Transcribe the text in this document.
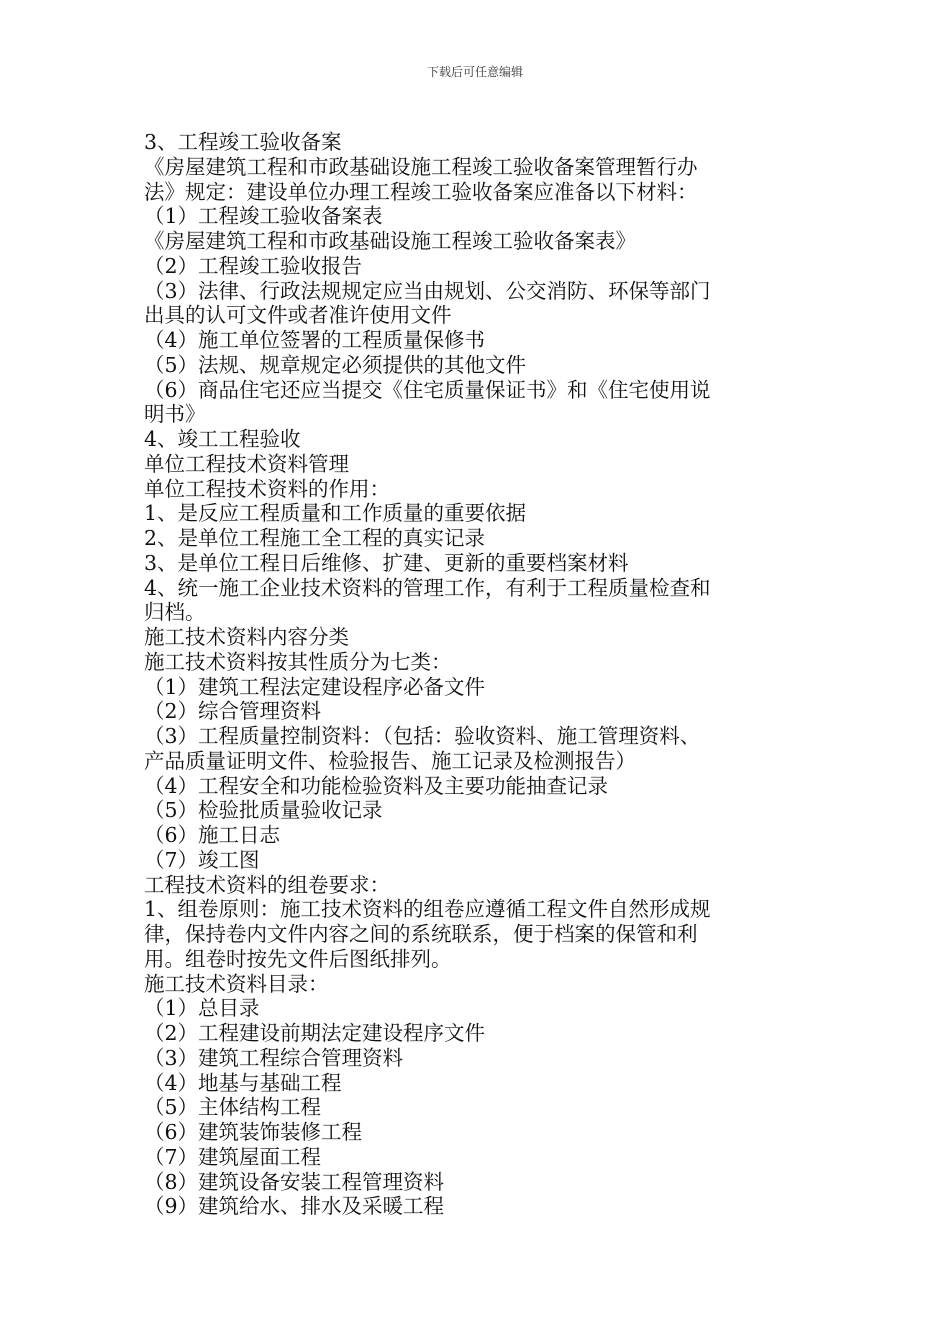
下载后可任意编辑

3、工程竣工验收备案

《房屋建筑工程和市政基础设施工程竣工验收备案管理暂行办

法》规定：建设单位办理工程竣工验收备案应准备以下材料：

（1）工程竣工验收备案表

《房屋建筑工程和市政基础设施工程竣工验收备案表》

（2）工程竣工验收报告

（3）法律、行政法规规定应当由规划、公交消防、环保等部门

出具的认可文件或者准许使用文件

（4）施工单位签署的工程质量保修书

（5）法规、规章规定必须提供的其他文件

（6）商品住宅还应当提交《住宅质量保证书》和《住宅使用说

明书》

4、竣工工程验收

单位工程技术资料管理

单位工程技术资料的作用：

1、是反应工程质量和工作质量的重要依据

2、是单位工程施工全工程的真实记录

3、是单位工程日后维修、扩建、更新的重要档案材料

4、统一施工企业技术资料的管理工作，有利于工程质量检查和

归档。

施工技术资料内容分类

施工技术资料按其性质分为七类：

（1）建筑工程法定建设程序必备文件

（2）综合管理资料

（3）工程质量控制资料：（包括：验收资料、施工管理资料、

产品质量证明文件、检验报告、施工记录及检测报告）

（4）工程安全和功能检验资料及主要功能抽查记录

（5）检验批质量验收记录

（6）施工日志

（7）竣工图

工程技术资料的组卷要求：

1、组卷原则：施工技术资料的组卷应遵循工程文件自然形成规

律，保持卷内文件内容之间的系统联系，便于档案的保管和利

用。组卷时按先文件后图纸排列。

施工技术资料目录：

（1）总目录

（2）工程建设前期法定建设程序文件

（3）建筑工程综合管理资料

（4）地基与基础工程

（5）主体结构工程

（6）建筑装饰装修工程

（7）建筑屋面工程

（8）建筑设备安装工程管理资料

（9）建筑给水、排水及采暖工程
